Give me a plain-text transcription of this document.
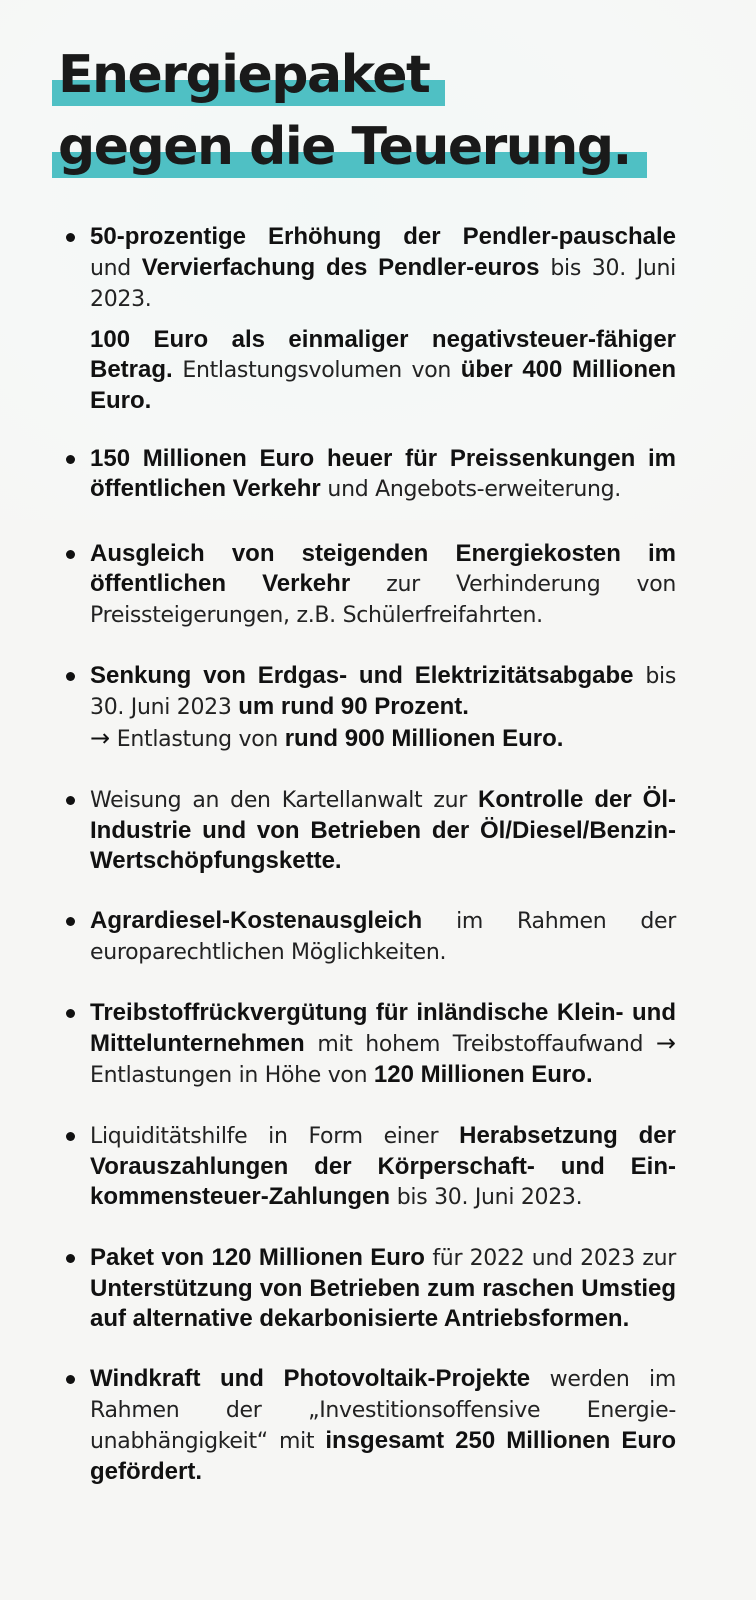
Energiepaket
gegen die Teuerung.

50-prozentige Erhöhung der Pendler-pauschale und Vervierfachung des Pendler-euros bis 30. Juni 2023.

100 Euro als einmaliger negativsteuer-fähiger Betrag. Entlastungsvolumen von über 400 Millionen Euro.

150 Millionen Euro heuer für Preissenkungen im öffentlichen Verkehr und Angebots-erweiterung.

Ausgleich von steigenden Energiekosten im öffentlichen Verkehr zur Verhinderung von Preissteigerungen, z.B. Schülerfreifahrten.

Senkung von Erdgas- und Elektrizitätsabgabe bis 30. Juni 2023 um rund 90 Prozent.
→ Entlastung von rund 900 Millionen Euro.

Weisung an den Kartellanwalt zur Kontrolle der Öl-Industrie und von Betrieben der Öl/Diesel/Benzin-Wertschöpfungskette.

Agrardiesel-Kostenausgleich im Rahmen der europarechtlichen Möglichkeiten.

Treibstoffrückvergütung für inländische Klein- und Mittelunternehmen mit hohem Treibstoffaufwand → Entlastungen in Höhe von 120 Millionen Euro.

Liquiditätshilfe in Form einer Herabsetzung der Vorauszahlungen der Körperschaft- und Ein-kommensteuer-Zahlungen bis 30. Juni 2023.

Paket von 120 Millionen Euro für 2022 und 2023 zur Unterstützung von Betrieben zum raschen Umstieg auf alternative dekarbonisierte Antriebsformen.

Windkraft und Photovoltaik-Projekte werden im Rahmen der „Investitionsoffensive Energie-unabhängigkeit“ mit insgesamt 250 Millionen Euro gefördert.
